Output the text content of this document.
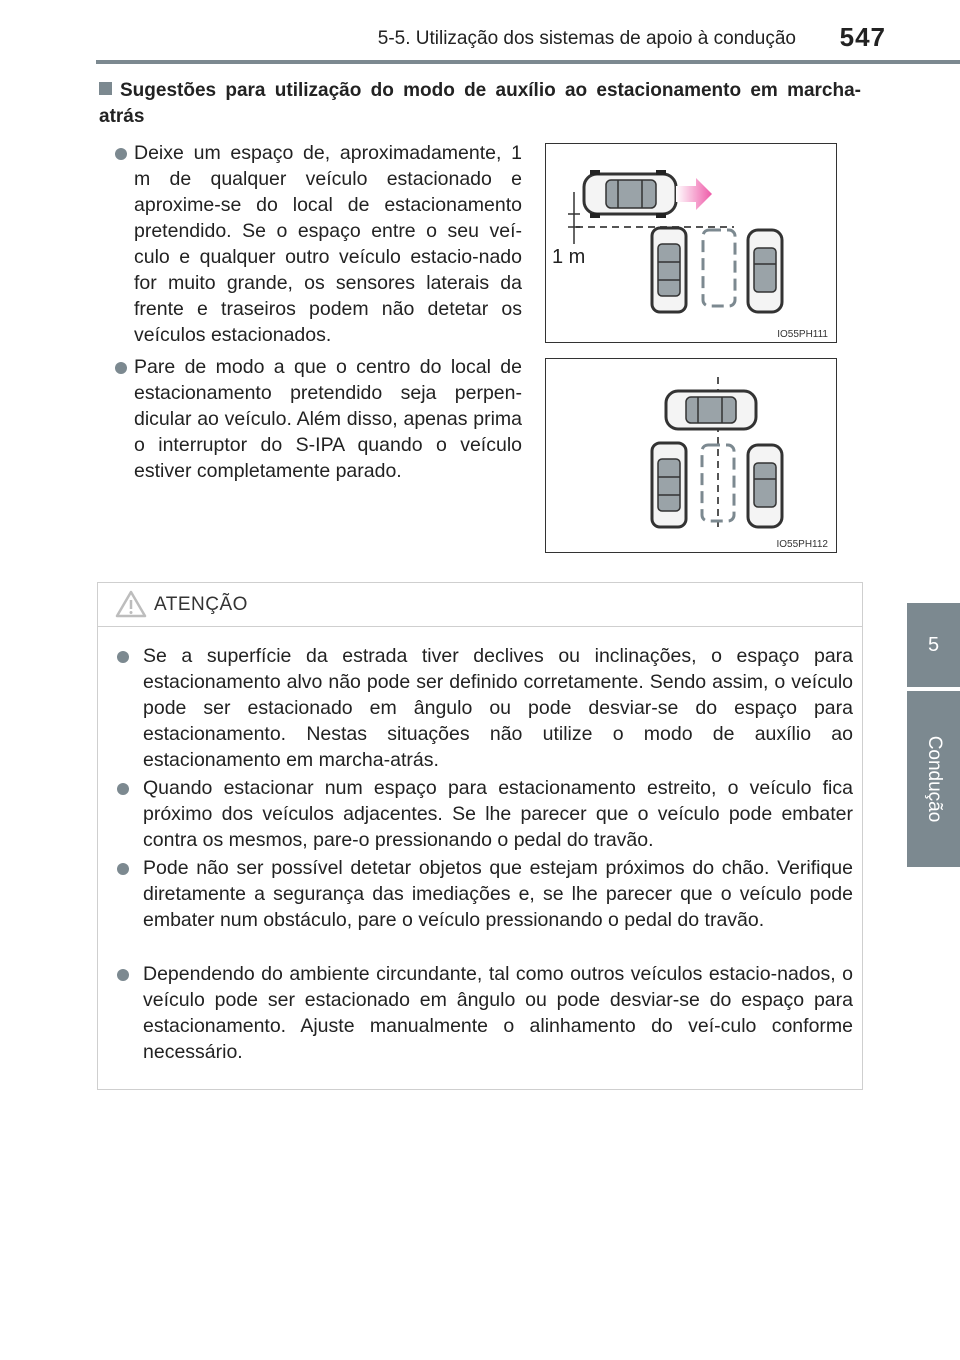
5-5. Utilização dos sistemas de apoio à condução	547
5
Condução
Sugestões para utilização do modo de auxílio ao estacionamento em marcha-atrás
Deixe um espaço de, aproximadamente, 1 m de qualquer veículo estacionado e aproxime-se do local de estacionamento pretendido. Se o espaço entre o seu veí-culo e qualquer outro veículo estacio-nado for muito grande, os sensores laterais da frente e traseiros podem não detetar os veículos estacionados.
1 m
IO55PH111
Pare de modo a que o centro do local de estacionamento pretendido seja perpen-dicular ao veículo. Além disso, apenas prima o interruptor do S-IPA quando o veículo estiver completamente parado.
IO55PH112
ATENÇÃO
Se a superfície da estrada tiver declives ou inclinações, o espaço para estacionamento alvo não pode ser definido corretamente. Sendo assim, o veículo pode ser estacionado em ângulo ou pode desviar-se do espaço para estacionamento. Nestas situações não utilize o modo de auxílio ao estacionamento em marcha-atrás.
Quando estacionar num espaço para estacionamento estreito, o veículo fica próximo dos veículos adjacentes. Se lhe parecer que o veículo pode embater contra os mesmos, pare-o pressionando o pedal do travão.
Pode não ser possível detetar objetos que estejam próximos do chão. Verifique diretamente a segurança das imediações e, se lhe parecer que o veículo pode embater num obstáculo, pare o veículo pressionando o pedal do travão.
Dependendo do ambiente circundante, tal como outros veículos estacio-nados, o veículo pode ser estacionado em ângulo ou pode desviar-se do espaço para estacionamento. Ajuste manualmente o alinhamento do veí-culo conforme necessário.
